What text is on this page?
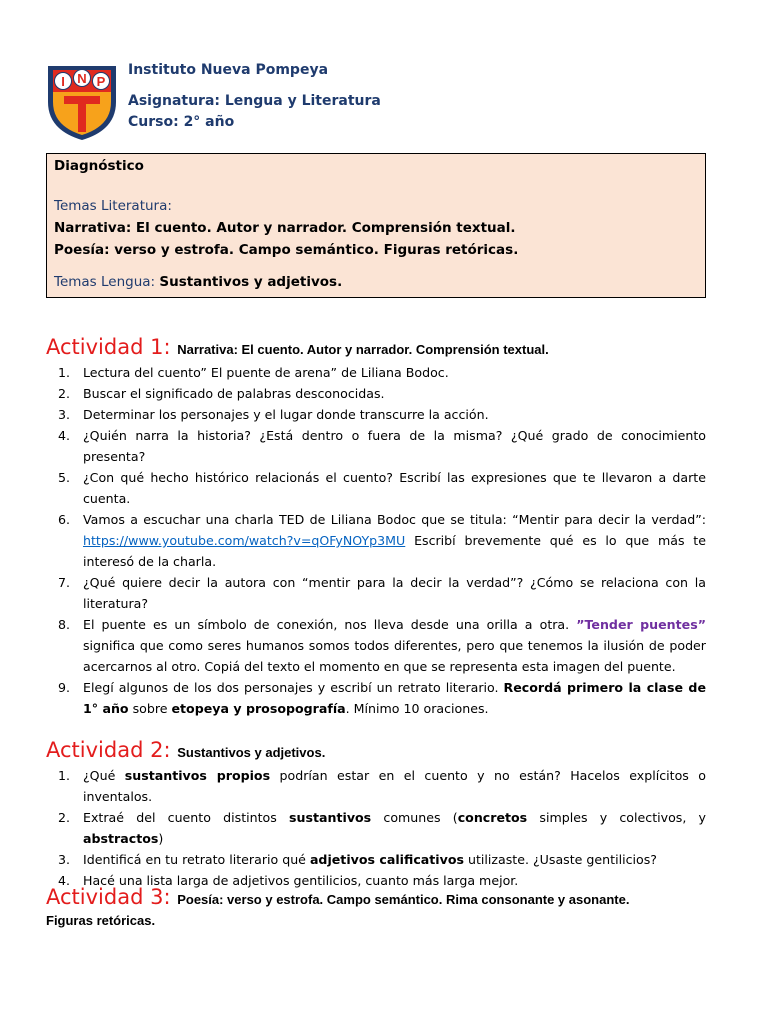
I N P
Instituto Nueva Pompeya
Asignatura: Lengua y Literatura
Curso: 2° año
Diagnóstico
Temas Literatura:
Narrativa: El cuento. Autor y narrador. Comprensión textual.
Poesía: verso y estrofa. Campo semántico. Figuras retóricas.
Temas Lengua: Sustantivos y adjetivos.
Actividad 1: Narrativa: El cuento. Autor y narrador. Comprensión textual.
1. Lectura del cuento” El puente de arena” de Liliana Bodoc.
2. Buscar el significado de palabras desconocidas.
3. Determinar los personajes y el lugar donde transcurre la acción.
4. ¿Quién narra la historia? ¿Está dentro o fuera de la misma? ¿Qué grado de conocimiento presenta?
5. ¿Con qué hecho histórico relacionás el cuento? Escribí las expresiones que te llevaron a darte cuenta.
6. Vamos a escuchar una charla TED de Liliana Bodoc que se titula: “Mentir para decir la verdad”: https://www.youtube.com/watch?v=qOFyNOYp3MU Escribí brevemente qué es lo que más te interesó de la charla.
7. ¿Qué quiere decir la autora con “mentir para la decir la verdad”? ¿Cómo se relaciona con la literatura?
8. El puente es un símbolo de conexión, nos lleva desde una orilla a otra. ”Tender puentes” significa que como seres humanos somos todos diferentes, pero que tenemos la ilusión de poder acercarnos al otro. Copiá del texto el momento en que se representa esta imagen del puente.
9. Elegí algunos de los dos personajes y escribí un retrato literario. Recordá primero la clase de 1° año sobre etopeya y prosopografía. Mínimo 10 oraciones.
Actividad 2: Sustantivos y adjetivos.
1. ¿Qué sustantivos propios podrían estar en el cuento y no están? Hacelos explícitos o inventalos.
2. Extraé del cuento distintos sustantivos comunes (concretos simples y colectivos, y abstractos)
3. Identificá en tu retrato literario qué adjetivos calificativos utilizaste. ¿Usaste gentilicios?
4. Hacé una lista larga de adjetivos gentilicios, cuanto más larga mejor.
Actividad 3: Poesía: verso y estrofa. Campo semántico. Rima consonante y asonante.
Figuras retóricas.
